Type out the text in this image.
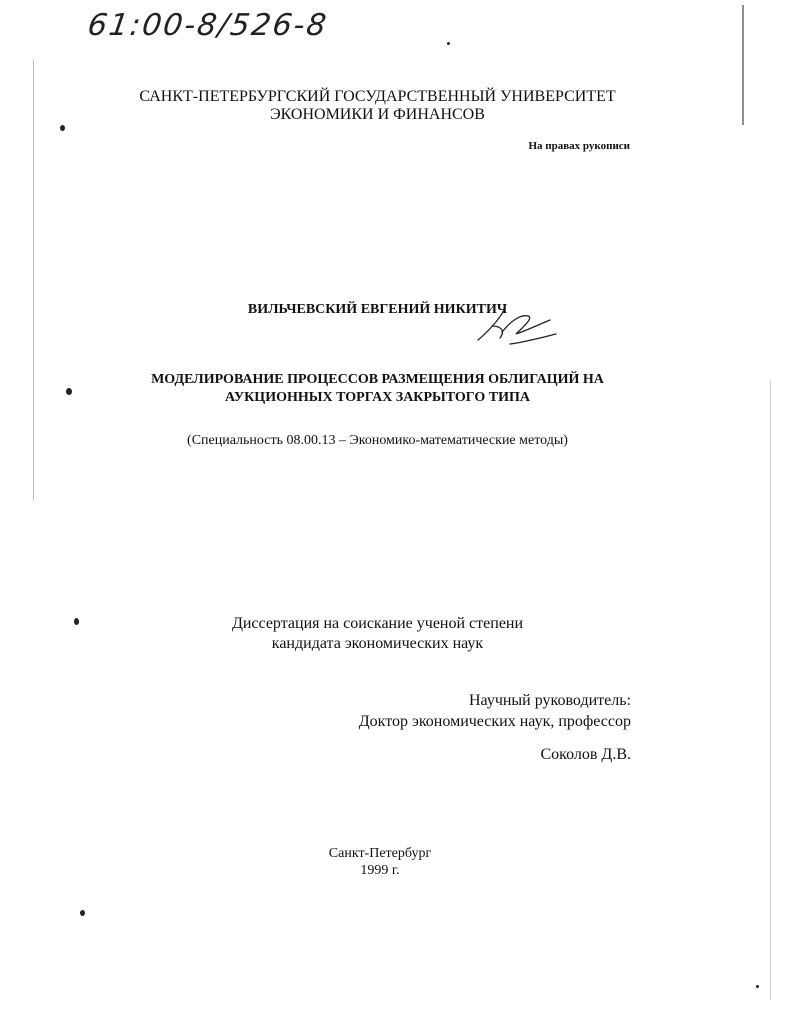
61:00-8/526-8
САНКТ-ПЕТЕРБУРГСКИЙ ГОСУДАРСТВЕННЫЙ УНИВЕРСИТЕТ
ЭКОНОМИКИ И ФИНАНСОВ
На правах рукописи
ВИЛЬЧЕВСКИЙ ЕВГЕНИЙ НИКИТИЧ
МОДЕЛИРОВАНИЕ ПРОЦЕССОВ РАЗМЕЩЕНИЯ ОБЛИГАЦИЙ НА
АУКЦИОННЫХ ТОРГАХ ЗАКРЫТОГО ТИПА
(Специальность 08.00.13 – Экономико-математические методы)
Диссертация на соискание ученой степени
кандидата экономических наук
Научный руководитель:
Доктор экономических наук, профессор
Соколов Д.В.
Санкт-Петербург
1999 г.
